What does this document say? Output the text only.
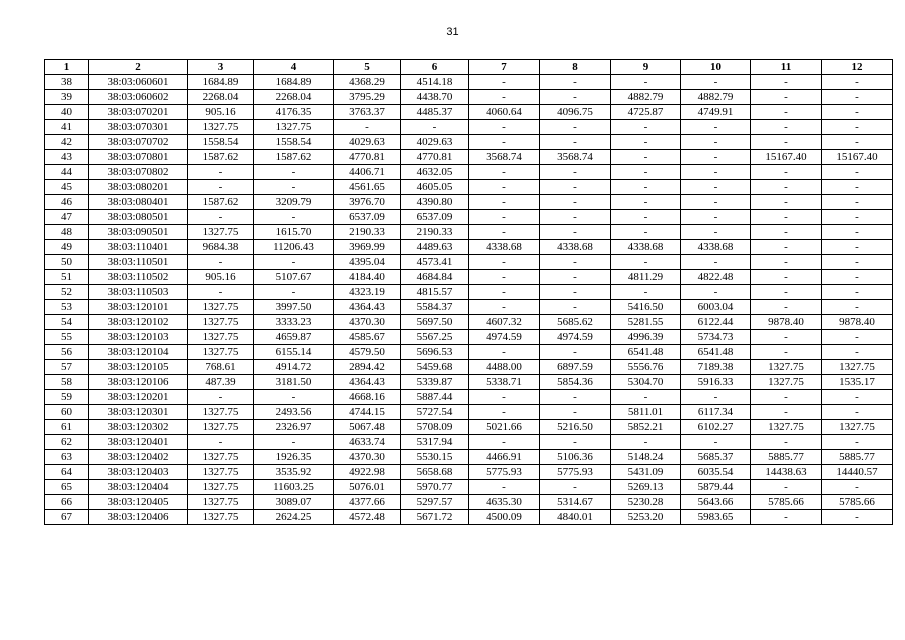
31
1	2	3	4	5	6	7	8	9	10	11	12
38	38:03:060601	1684.89	1684.89	4368.29	4514.18	-	-	-	-	-	-
39	38:03:060602	2268.04	2268.04	3795.29	4438.70	-	-	4882.79	4882.79	-	-
40	38:03:070201	905.16	4176.35	3763.37	4485.37	4060.64	4096.75	4725.87	4749.91	-	-
41	38:03:070301	1327.75	1327.75	-	-	-	-	-	-	-	-
42	38:03:070702	1558.54	1558.54	4029.63	4029.63	-	-	-	-	-	-
43	38:03:070801	1587.62	1587.62	4770.81	4770.81	3568.74	3568.74	-	-	15167.40	15167.40
44	38:03:070802	-	-	4406.71	4632.05	-	-	-	-	-	-
45	38:03:080201	-	-	4561.65	4605.05	-	-	-	-	-	-
46	38:03:080401	1587.62	3209.79	3976.70	4390.80	-	-	-	-	-	-
47	38:03:080501	-	-	6537.09	6537.09	-	-	-	-	-	-
48	38:03:090501	1327.75	1615.70	2190.33	2190.33	-	-	-	-	-	-
49	38:03:110401	9684.38	11206.43	3969.99	4489.63	4338.68	4338.68	4338.68	4338.68	-	-
50	38:03:110501	-	-	4395.04	4573.41	-	-	-	-	-	-
51	38:03:110502	905.16	5107.67	4184.40	4684.84	-	-	4811.29	4822.48	-	-
52	38:03:110503	-	-	4323.19	4815.57	-	-	-	-	-	-
53	38:03:120101	1327.75	3997.50	4364.43	5584.37	-	-	5416.50	6003.04	-	-
54	38:03:120102	1327.75	3333.23	4370.30	5697.50	4607.32	5685.62	5281.55	6122.44	9878.40	9878.40
55	38:03:120103	1327.75	4659.87	4585.67	5567.25	4974.59	4974.59	4996.39	5734.73	-	-
56	38:03:120104	1327.75	6155.14	4579.50	5696.53	-	-	6541.48	6541.48	-	-
57	38:03:120105	768.61	4914.72	2894.42	5459.68	4488.00	6897.59	5556.76	7189.38	1327.75	1327.75
58	38:03:120106	487.39	3181.50	4364.43	5339.87	5338.71	5854.36	5304.70	5916.33	1327.75	1535.17
59	38:03:120201	-	-	4668.16	5887.44	-	-	-	-	-	-
60	38:03:120301	1327.75	2493.56	4744.15	5727.54	-	-	5811.01	6117.34	-	-
61	38:03:120302	1327.75	2326.97	5067.48	5708.09	5021.66	5216.50	5852.21	6102.27	1327.75	1327.75
62	38:03:120401	-	-	4633.74	5317.94	-	-	-	-	-	-
63	38:03:120402	1327.75	1926.35	4370.30	5530.15	4466.91	5106.36	5148.24	5685.37	5885.77	5885.77
64	38:03:120403	1327.75	3535.92	4922.98	5658.68	5775.93	5775.93	5431.09	6035.54	14438.63	14440.57
65	38:03:120404	1327.75	11603.25	5076.01	5970.77	-	-	5269.13	5879.44	-	-
66	38:03:120405	1327.75	3089.07	4377.66	5297.57	4635.30	5314.67	5230.28	5643.66	5785.66	5785.66
67	38:03:120406	1327.75	2624.25	4572.48	5671.72	4500.09	4840.01	5253.20	5983.65	-	-
